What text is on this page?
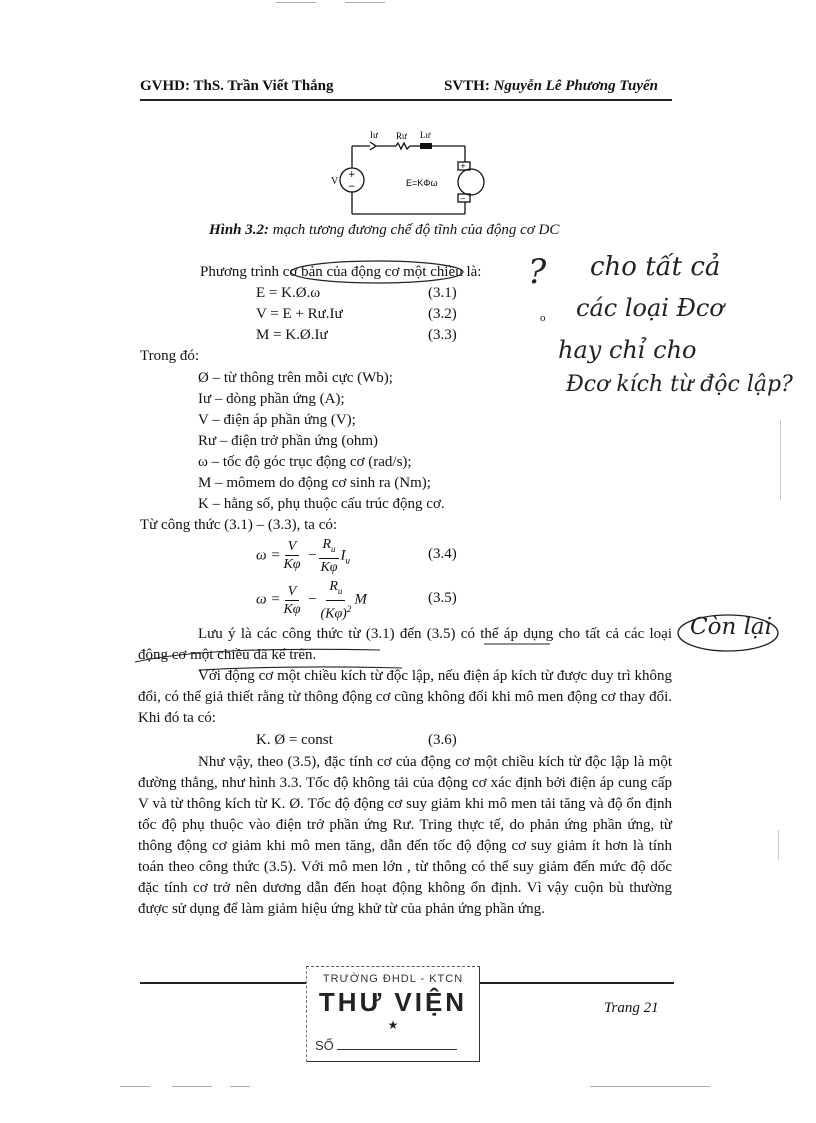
GVHD: ThS. Trần Viết Thắng	SVTH: Nguyễn Lê Phương Tuyến
+
−
+
−
Iư Rư Lư
V	E=KΦω
Hình 3.2: mạch tương đương chế độ tĩnh của động cơ DC
Phương trình cơ bản của động cơ một chiều là:
E = K.Ø.ω	(3.1)
V = E + Rư.Iư	(3.2)
M = K.Ø.Iư	(3.3)
Trong đó:
Ø – từ thông trên mỗi cực (Wb);
Iư – dòng phần ứng (A);
V – điện áp phần ứng (V);
Rư – điện trở phần ứng (ohm)
ω – tốc độ góc trục động cơ (rad/s);
M – mômem do động cơ sinh ra (Nm);
K – hằng số, phụ thuộc cấu trúc động cơ.
Từ công thức (3.1) – (3.3), ta có:
$\omega = \frac{V}{K\varphi} - \frac{R_u}{K\varphi} I_u$	(3.4)
$\omega = \frac{V}{K\varphi} - \frac{R_u}{(K\varphi)^2}$ M	(3.5)
Lưu ý là các công thức từ (3.1) đến (3.5) có thể áp dụng cho tất cả các loại động cơ một chiều đã kể trên.
Với động cơ một chiều kích từ độc lập, nếu điện áp kích từ được duy trì không đổi, có thể giả thiết rằng từ thông động cơ cũng không đổi khi mô men động cơ thay đổi. Khi đó ta có:
K. Ø = const	(3.6)
Như vậy, theo (3.5), đặc tính cơ của động cơ một chiều kích từ độc lập là một đường thẳng, như hình 3.3. Tốc độ không tải của động cơ xác định bởi điện áp cung cấp V và từ thông kích từ K. Ø. Tốc độ động cơ suy giảm khi mô men tải tăng và độ ổn định tốc độ phụ thuộc vào điện trở phần ứng Rư. Tring thực tế, do phản ứng phần ứng, từ thông động cơ giảm khi mô men tăng, dẫn đến tốc độ động cơ suy giảm ít hơn là tính toán theo công thức (3.5). Với mô men lớn , từ thông có thể suy giảm đến mức độ dốc đặc tính cơ trở nên dương dẫn đến hoạt động không ổn định. Vì vậy cuộn bù thường được sử dụng để làm giảm hiệu ứng khử từ của phản ứng phần ứng.
? cho tất cả
các loại Đcơ
hay chỉ cho
Đcơ kích từ độc lập?
o
Còn lại
TRƯỜNG ĐHDL - KTCN
THƯ VIỆN
★
SỐ
Trang 21
